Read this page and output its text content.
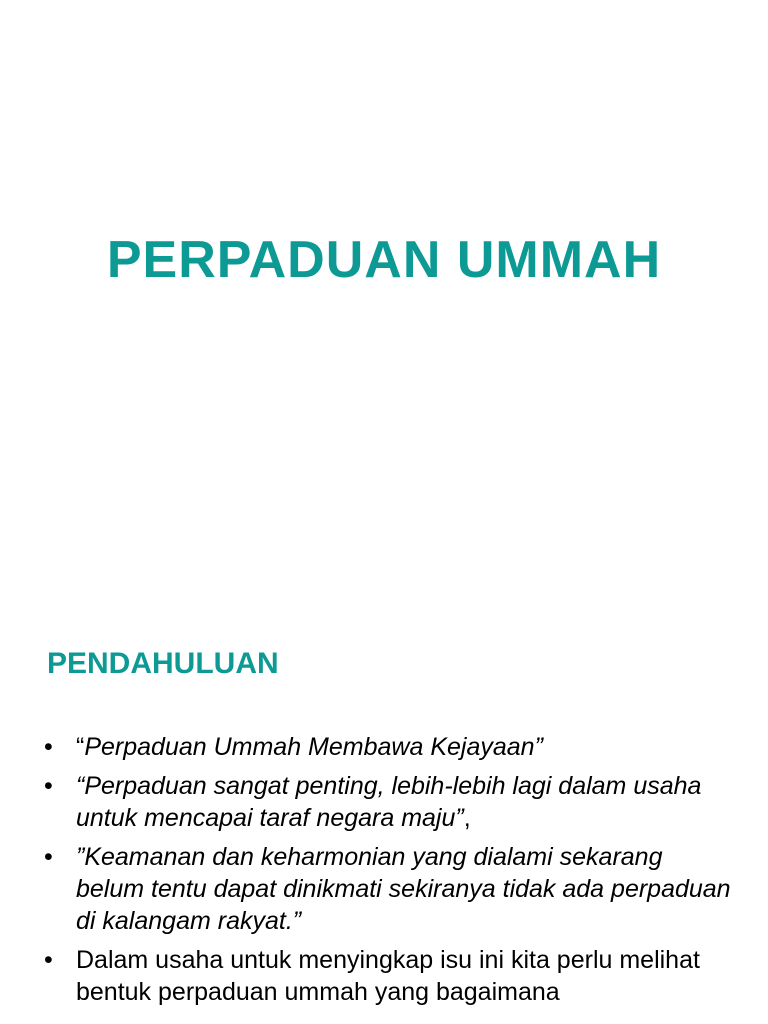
PERPADUAN UMMAH
PENDAHULUAN
• “Perpaduan Ummah Membawa Kejayaan”
• “Perpaduan sangat penting, lebih-lebih lagi dalam usaha untuk mencapai taraf negara maju”,
• ”Keamanan dan keharmonian yang dialami sekarang belum tentu dapat dinikmati sekiranya tidak ada perpaduan di kalangam rakyat.”
• Dalam usaha untuk menyingkap isu ini kita perlu melihat bentuk perpaduan ummah yang bagaimana
